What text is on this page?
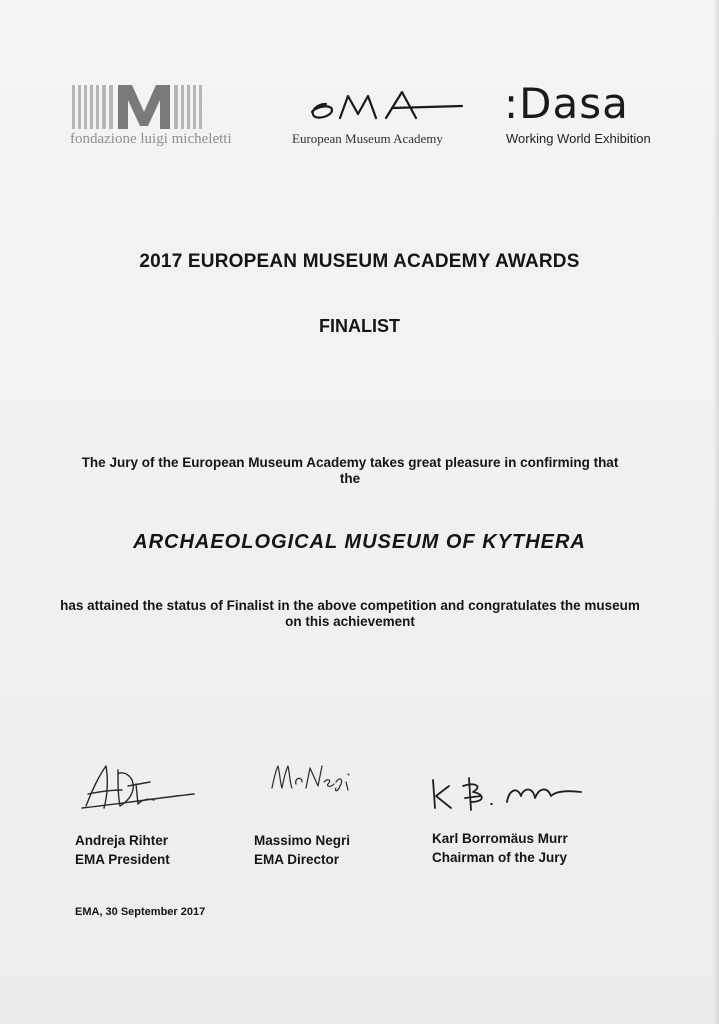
fondazione luigi micheletti	European Museum Academy
:Dasa
Working World Exhibition
2017 EUROPEAN MUSEUM ACADEMY AWARDS
FINALIST
The Jury of the European Museum Academy takes great pleasure in confirming that the
ARCHAEOLOGICAL MUSEUM OF KYTHERA
has attained the status of Finalist in the above competition and congratulates the museum on this achievement
Andreja Rihter
EMA President
Massimo Negri
EMA Director
Karl Borromäus Murr
Chairman of the Jury
EMA, 30 September 2017
